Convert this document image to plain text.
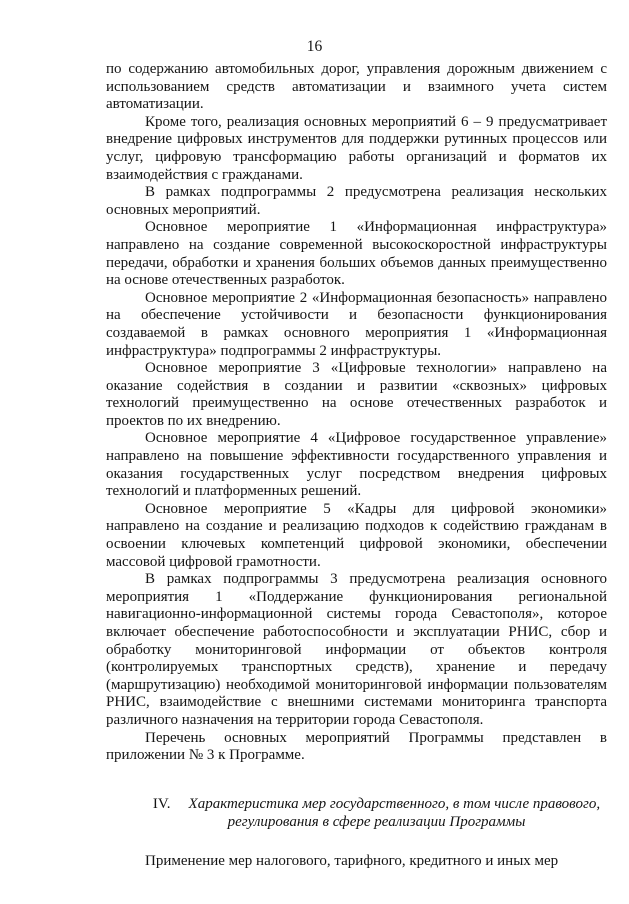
16

по содержанию автомобильных дорог, управления дорожным движением с использованием средств автоматизации и взаимного учета систем автоматизации.

Кроме того, реализация основных мероприятий 6 – 9 предусматривает внедрение цифровых инструментов для поддержки рутинных процессов или услуг, цифровую трансформацию работы организаций и форматов их взаимодействия с гражданами.

В рамках подпрограммы 2 предусмотрена реализация нескольких основных мероприятий.

Основное мероприятие 1 «Информационная инфраструктура» направлено на создание современной высокоскоростной инфраструктуры передачи, обработки и хранения больших объемов данных преимущественно на основе отечественных разработок.

Основное мероприятие 2 «Информационная безопасность» направлено на обеспечение устойчивости и безопасности функционирования создаваемой в рамках основного мероприятия 1 «Информационная инфраструктура» подпрограммы 2 инфраструктуры.

Основное мероприятие 3 «Цифровые технологии» направлено на оказание содействия в создании и развитии «сквозных» цифровых технологий преимущественно на основе отечественных разработок и проектов по их внедрению.

Основное мероприятие 4 «Цифровое государственное управление» направлено на повышение эффективности государственного управления и оказания государственных услуг посредством внедрения цифровых технологий и платформенных решений.

Основное мероприятие 5 «Кадры для цифровой экономики» направлено на создание и реализацию подходов к содействию гражданам в освоении ключевых компетенций цифровой экономики, обеспечении массовой цифровой грамотности.

В рамках подпрограммы 3 предусмотрена реализация основного мероприятия 1 «Поддержание функционирования региональной навигационно-информационной системы города Севастополя», которое включает обеспечение работоспособности и эксплуатации РНИС, сбор и обработку мониторинговой информации от объектов контроля (контролируемых транспортных средств), хранение и передачу (маршрутизацию) необходимой мониторинговой информации пользователям РНИС, взаимодействие с внешними системами мониторинга транспорта различного назначения на территории города Севастополя.

Перечень основных мероприятий Программы представлен в приложении № 3 к Программе.

IV. Характеристика мер государственного, в том числе правового,
регулирования в сфере реализации Программы

Применение мер налогового, тарифного, кредитного и иных мер
